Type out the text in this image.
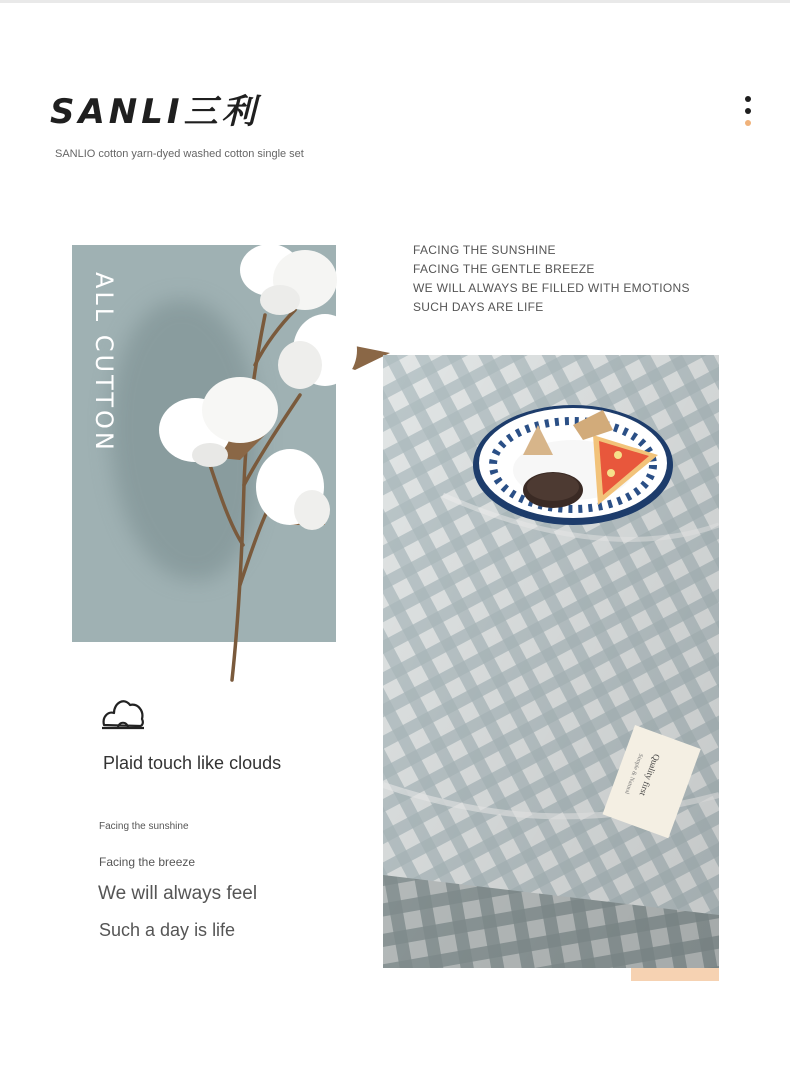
SANLI三利
SANLIO cotton yarn-dyed washed cotton single set
ALL CUTTON
FACING THE SUNSHINE
FACING THE GENTLE BREEZE
WE WILL ALWAYS BE FILLED WITH EMOTIONS
SUCH DAYS ARE LIFE
Quality first
Simple & Natural
Plaid touch like clouds
Facing the sunshine
Facing the breeze
We will always feel
Such a day is life
